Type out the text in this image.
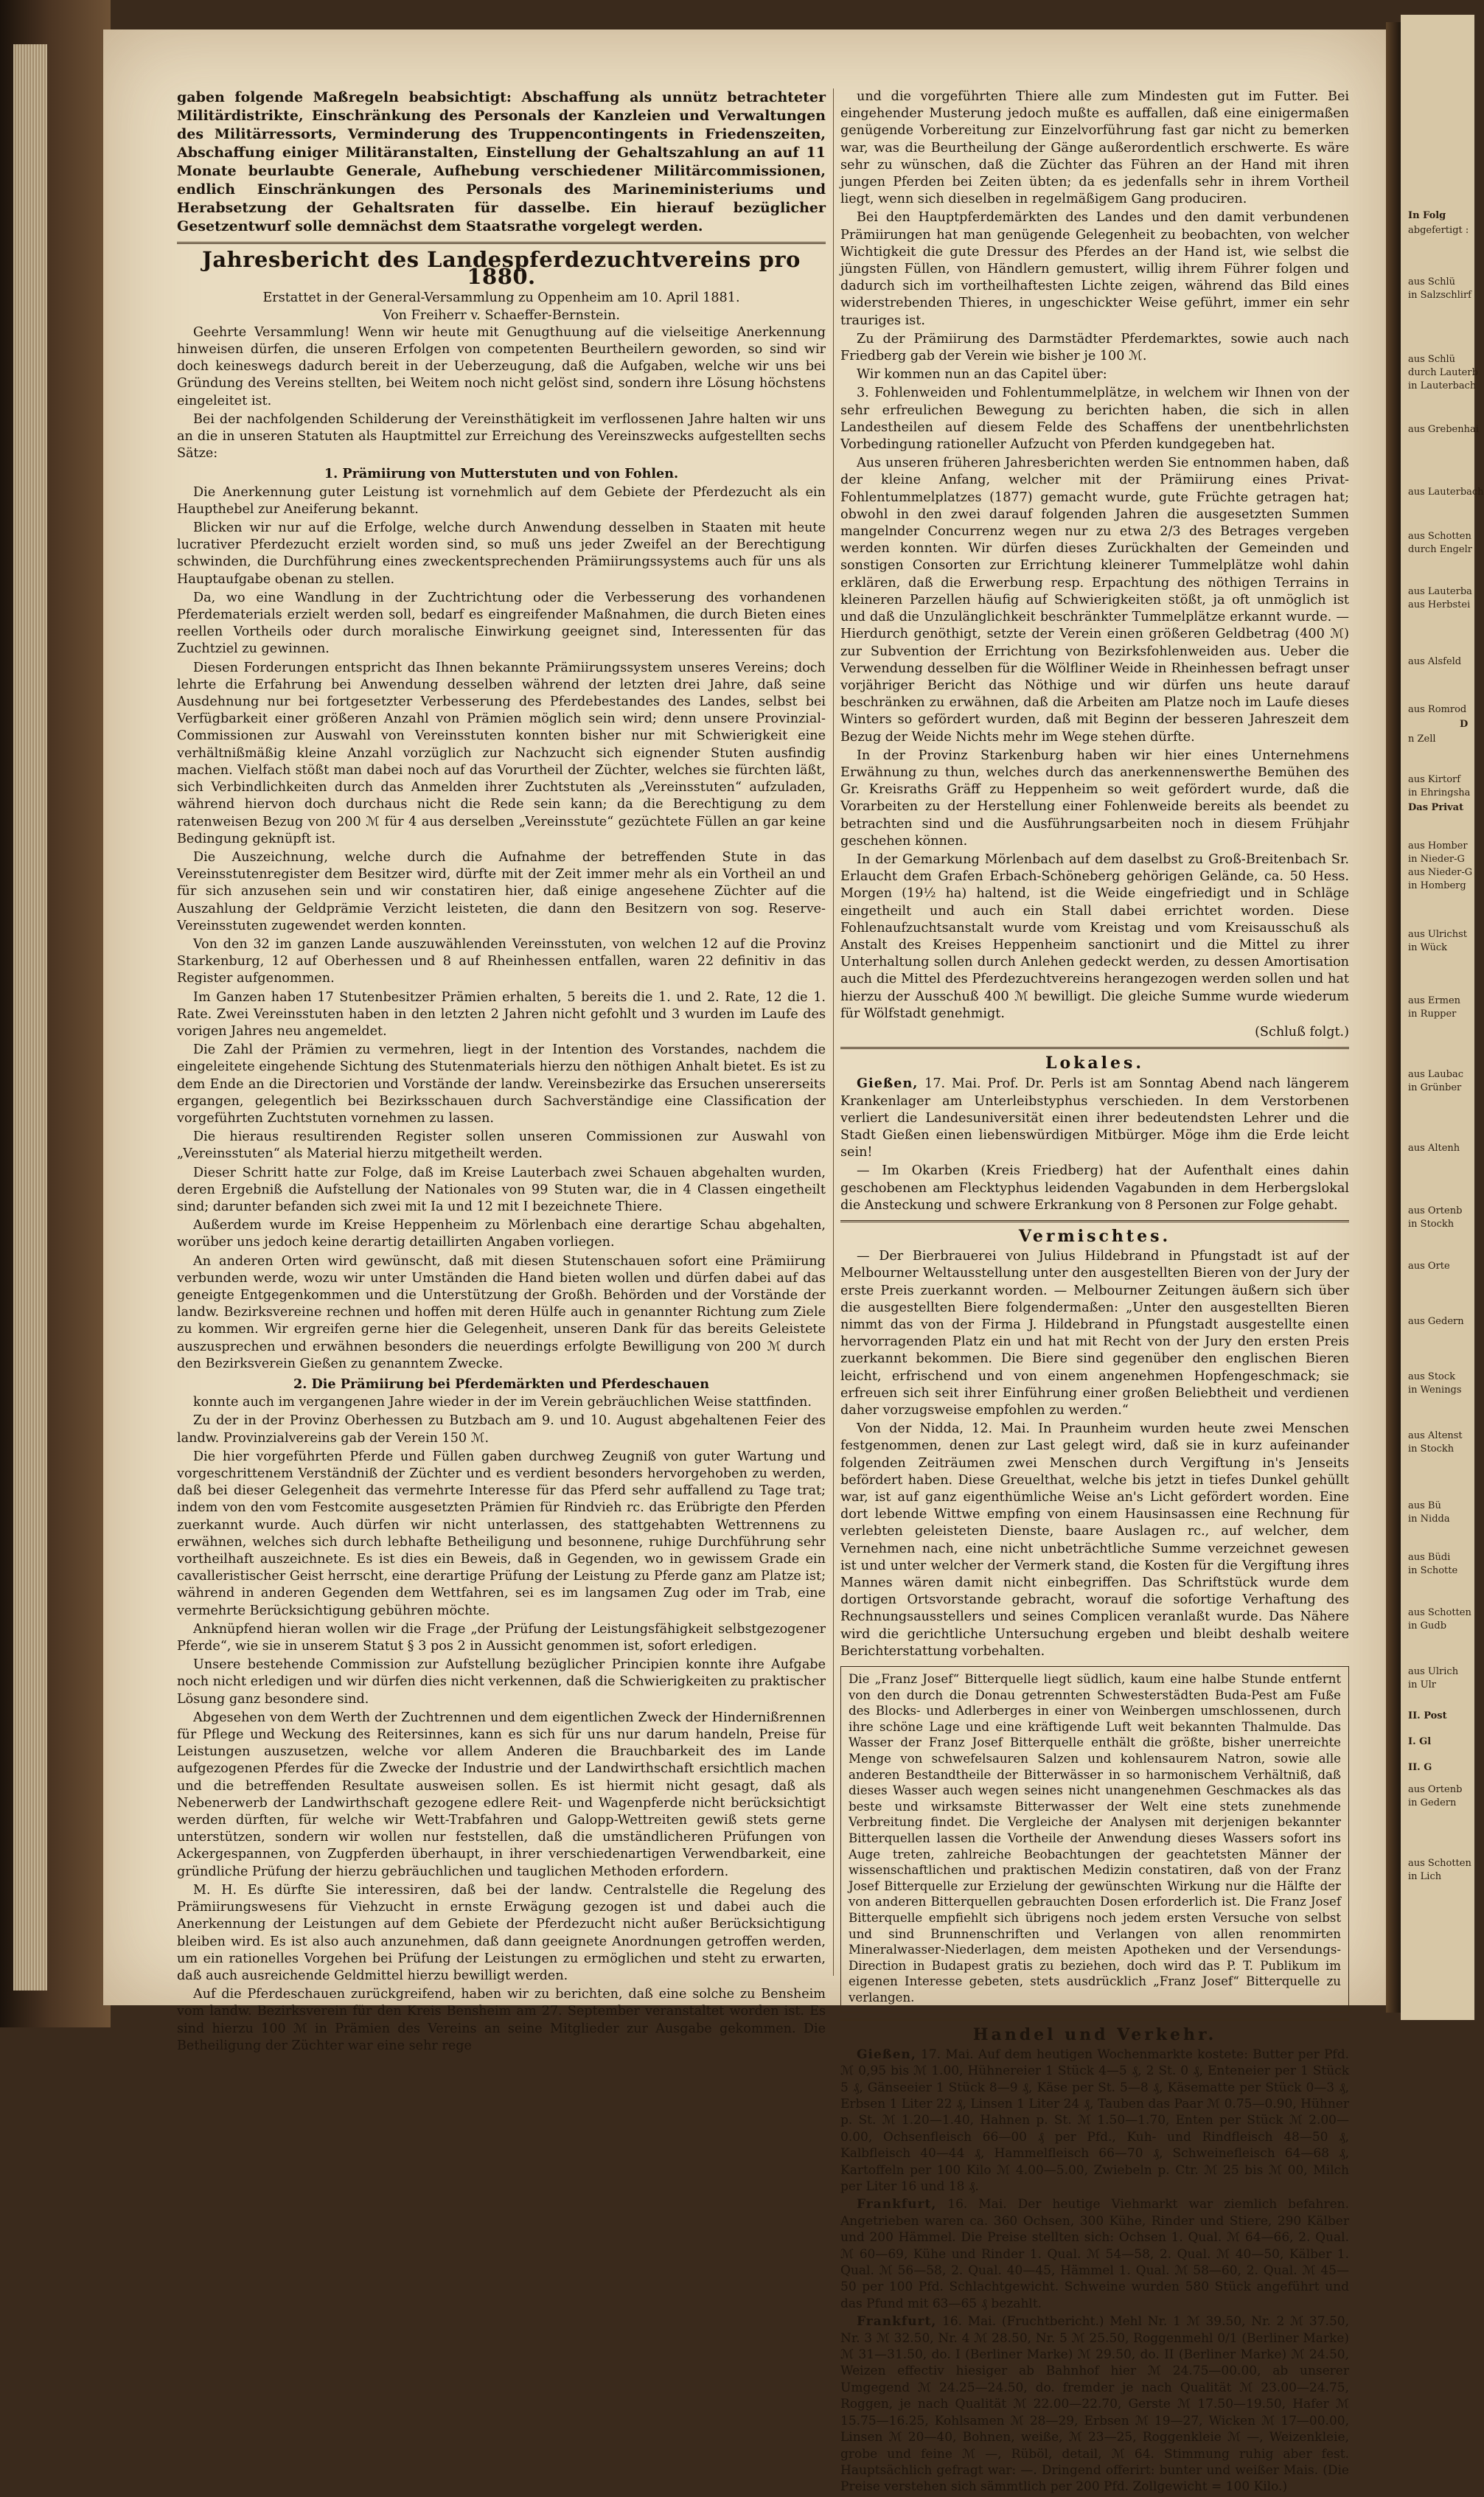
gaben folgende Maßregeln beabsichtigt: Abschaffung als unnütz betrachteter Militärdistrikte, Einschränkung des Personals der Kanzleien und Verwaltungen des Militärressorts, Verminderung des Truppencontingents in Friedenszeiten, Abschaffung einiger Militäranstalten, Einstellung der Gehaltszahlung an auf 11 Monate beurlaubte Generale, Aufhebung verschiedener Militärcommissionen, endlich Einschränkungen des Personals des Marineministeriums und Herabsetzung der Gehaltsraten für dasselbe. Ein hierauf bezüglicher Gesetzentwurf solle demnächst dem Staatsrathe vorgelegt werden.

Jahresbericht des Landespferdezuchtvereins pro 1880.

Erstattet in der General-Versammlung zu Oppenheim am 10. April 1881.

Von Freiherr v. Schaeffer-Bernstein.

Geehrte Versammlung! Wenn wir heute mit Genugthuung auf die vielseitige Anerkennung hinweisen dürfen, die unseren Erfolgen von competenten Beurtheilern geworden, so sind wir doch keineswegs dadurch bereit in der Ueberzeugung, daß die Aufgaben, welche wir uns bei Gründung des Vereins stellten, bei Weitem noch nicht gelöst sind, sondern ihre Lösung höchstens eingeleitet ist.

Bei der nachfolgenden Schilderung der Vereinsthätigkeit im verflossenen Jahre halten wir uns an die in unseren Statuten als Hauptmittel zur Erreichung des Vereinszwecks aufgestellten sechs Sätze:

1. Prämiirung von Mutterstuten und von Fohlen.

Die Anerkennung guter Leistung ist vornehmlich auf dem Gebiete der Pferdezucht als ein Haupthebel zur Aneiferung bekannt.

Blicken wir nur auf die Erfolge, welche durch Anwendung desselben in Staaten mit heute lucrativer Pferdezucht erzielt worden sind, so muß uns jeder Zweifel an der Berechtigung schwinden, die Durchführung eines zweckentsprechenden Prämiirungssystems auch für uns als Hauptaufgabe obenan zu stellen.

Da, wo eine Wandlung in der Zuchtrichtung oder die Verbesserung des vorhandenen Pferdematerials erzielt werden soll, bedarf es eingreifender Maßnahmen, die durch Bieten eines reellen Vortheils oder durch moralische Einwirkung geeignet sind, Interessenten für das Zuchtziel zu gewinnen.

Diesen Forderungen entspricht das Ihnen bekannte Prämiirungssystem unseres Vereins; doch lehrte die Erfahrung bei Anwendung desselben während der letzten drei Jahre, daß seine Ausdehnung nur bei fortgesetzter Verbesserung des Pferdebestandes des Landes, selbst bei Verfügbarkeit einer größeren Anzahl von Prämien möglich sein wird; denn unsere Provinzial-Commissionen zur Auswahl von Vereinsstuten konnten bisher nur mit Schwierigkeit eine verhältnißmäßig kleine Anzahl vorzüglich zur Nachzucht sich eignender Stuten ausfindig machen. Vielfach stößt man dabei noch auf das Vorurtheil der Züchter, welches sie fürchten läßt, sich Verbindlichkeiten durch das Anmelden ihrer Zuchtstuten als „Vereinsstuten“ aufzuladen, während hiervon doch durchaus nicht die Rede sein kann; da die Berechtigung zu dem ratenweisen Bezug von 200 ℳ für 4 aus derselben „Vereinsstute“ gezüchtete Füllen an gar keine Bedingung geknüpft ist.

Die Auszeichnung, welche durch die Aufnahme der betreffenden Stute in das Vereinsstutenregister dem Besitzer wird, dürfte mit der Zeit immer mehr als ein Vortheil an und für sich anzusehen sein und wir constatiren hier, daß einige angesehene Züchter auf die Auszahlung der Geldprämie Verzicht leisteten, die dann den Besitzern von sog. Reserve-Vereinsstuten zugewendet werden konnten.

Von den 32 im ganzen Lande auszuwählenden Vereinsstuten, von welchen 12 auf die Provinz Starkenburg, 12 auf Oberhessen und 8 auf Rheinhessen entfallen, waren 22 definitiv in das Register aufgenommen.

Im Ganzen haben 17 Stutenbesitzer Prämien erhalten, 5 bereits die 1. und 2. Rate, 12 die 1. Rate. Zwei Vereinsstuten haben in den letzten 2 Jahren nicht gefohlt und 3 wurden im Laufe des vorigen Jahres neu angemeldet.

Die Zahl der Prämien zu vermehren, liegt in der Intention des Vorstandes, nachdem die eingeleitete eingehende Sichtung des Stutenmaterials hierzu den nöthigen Anhalt bietet. Es ist zu dem Ende an die Directorien und Vorstände der landw. Vereinsbezirke das Ersuchen unsererseits ergangen, gelegentlich bei Bezirksschauen durch Sachverständige eine Classification der vorgeführten Zuchtstuten vornehmen zu lassen.

Die hieraus resultirenden Register sollen unseren Commissionen zur Auswahl von „Vereinsstuten“ als Material hierzu mitgetheilt werden.

Dieser Schritt hatte zur Folge, daß im Kreise Lauterbach zwei Schauen abgehalten wurden, deren Ergebniß die Aufstellung der Nationales von 99 Stuten war, die in 4 Classen eingetheilt sind; darunter befanden sich zwei mit Ia und 12 mit I bezeichnete Thiere.

Außerdem wurde im Kreise Heppenheim zu Mörlenbach eine derartige Schau abgehalten, worüber uns jedoch keine derartig detaillirten Angaben vorliegen.

An anderen Orten wird gewünscht, daß mit diesen Stutenschauen sofort eine Prämiirung verbunden werde, wozu wir unter Umständen die Hand bieten wollen und dürfen dabei auf das geneigte Entgegenkommen und die Unterstützung der Großh. Behörden und der Vorstände der landw. Bezirksvereine rechnen und hoffen mit deren Hülfe auch in genannter Richtung zum Ziele zu kommen. Wir ergreifen gerne hier die Gelegenheit, unseren Dank für das bereits Geleistete auszusprechen und erwähnen besonders die neuerdings erfolgte Bewilligung von 200 ℳ durch den Bezirksverein Gießen zu genanntem Zwecke.

2. Die Prämiirung bei Pferdemärkten und Pferdeschauen

konnte auch im vergangenen Jahre wieder in der im Verein gebräuchlichen Weise stattfinden.

Zu der in der Provinz Oberhessen zu Butzbach am 9. und 10. August abgehaltenen Feier des landw. Provinzialvereins gab der Verein 150 ℳ.

Die hier vorgeführten Pferde und Füllen gaben durchweg Zeugniß von guter Wartung und vorgeschrittenem Verständniß der Züchter und es verdient besonders hervorgehoben zu werden, daß bei dieser Gelegenheit das vermehrte Interesse für das Pferd sehr auffallend zu Tage trat; indem von den vom Festcomite ausgesetzten Prämien für Rindvieh rc. das Erübrigte den Pferden zuerkannt wurde. Auch dürfen wir nicht unterlassen, des stattgehabten Wettrennens zu erwähnen, welches sich durch lebhafte Betheiligung und besonnene, ruhige Durchführung sehr vortheilhaft auszeichnete. Es ist dies ein Beweis, daß in Gegenden, wo in gewissem Grade ein cavalleristischer Geist herrscht, eine derartige Prüfung der Leistung zu Pferde ganz am Platze ist; während in anderen Gegenden dem Wettfahren, sei es im langsamen Zug oder im Trab, eine vermehrte Berücksichtigung gebühren möchte.

Anknüpfend hieran wollen wir die Frage „der Prüfung der Leistungsfähigkeit selbstgezogener Pferde“, wie sie in unserem Statut § 3 pos 2 in Aussicht genommen ist, sofort erledigen.

Unsere bestehende Commission zur Aufstellung bezüglicher Principien konnte ihre Aufgabe noch nicht erledigen und wir dürfen dies nicht verkennen, daß die Schwierigkeiten zu praktischer Lösung ganz besondere sind.

Abgesehen von dem Werth der Zuchtrennen und dem eigentlichen Zweck der Hindernißrennen für Pflege und Weckung des Reitersinnes, kann es sich für uns nur darum handeln, Preise für Leistungen auszusetzen, welche vor allem Anderen die Brauchbarkeit des im Lande aufgezogenen Pferdes für die Zwecke der Industrie und der Landwirthschaft ersichtlich machen und die betreffenden Resultate ausweisen sollen. Es ist hiermit nicht gesagt, daß als Nebenerwerb der Landwirthschaft gezogene edlere Reit- und Wagenpferde nicht berücksichtigt werden dürften, für welche wir Wett-Trabfahren und Galopp-Wettreiten gewiß stets gerne unterstützen, sondern wir wollen nur feststellen, daß die umständlicheren Prüfungen von Ackergespannen, von Zugpferden überhaupt, in ihrer verschiedenartigen Verwendbarkeit, eine gründliche Prüfung der hierzu gebräuchlichen und tauglichen Methoden erfordern.

M. H. Es dürfte Sie interessiren, daß bei der landw. Centralstelle die Regelung des Prämiirungswesens für Viehzucht in ernste Erwägung gezogen ist und dabei auch die Anerkennung der Leistungen auf dem Gebiete der Pferdezucht nicht außer Berücksichtigung bleiben wird. Es ist also auch anzunehmen, daß dann geeignete Anordnungen getroffen werden, um ein rationelles Vorgehen bei Prüfung der Leistungen zu ermöglichen und steht zu erwarten, daß auch ausreichende Geldmittel hierzu bewilligt werden.

Auf die Pferdeschauen zurückgreifend, haben wir zu berichten, daß eine solche zu Bensheim vom landw. Bezirksverein für den Kreis Bensheim am 27. September veranstaltet worden ist. Es sind hierzu 100 ℳ in Prämien des Vereins an seine Mitglieder zur Ausgabe gekommen. Die Betheiligung der Züchter war eine sehr rege

und die vorgeführten Thiere alle zum Mindesten gut im Futter. Bei eingehender Musterung jedoch mußte es auffallen, daß eine einigermaßen genügende Vorbereitung zur Einzelvorführung fast gar nicht zu bemerken war, was die Beurtheilung der Gänge außerordentlich erschwerte. Es wäre sehr zu wünschen, daß die Züchter das Führen an der Hand mit ihren jungen Pferden bei Zeiten übten; da es jedenfalls sehr in ihrem Vortheil liegt, wenn sich dieselben in regelmäßigem Gang produciren.

Bei den Hauptpferdemärkten des Landes und den damit verbundenen Prämiirungen hat man genügende Gelegenheit zu beobachten, von welcher Wichtigkeit die gute Dressur des Pferdes an der Hand ist, wie selbst die jüngsten Füllen, von Händlern gemustert, willig ihrem Führer folgen und dadurch sich im vortheilhaftesten Lichte zeigen, während das Bild eines widerstrebenden Thieres, in ungeschickter Weise geführt, immer ein sehr trauriges ist.

Zu der Prämiirung des Darmstädter Pferdemarktes, sowie auch nach Friedberg gab der Verein wie bisher je 100 ℳ.

Wir kommen nun an das Capitel über:

3. Fohlenweiden und Fohlentummelplätze, in welchem wir Ihnen von der sehr erfreulichen Bewegung zu berichten haben, die sich in allen Landestheilen auf diesem Felde des Schaffens der unentbehrlichsten Vorbedingung rationeller Aufzucht von Pferden kundgegeben hat.

Aus unseren früheren Jahresberichten werden Sie entnommen haben, daß der kleine Anfang, welcher mit der Prämiirung eines Privat-Fohlentummelplatzes (1877) gemacht wurde, gute Früchte getragen hat; obwohl in den zwei darauf folgenden Jahren die ausgesetzten Summen mangelnder Concurrenz wegen nur zu etwa 2/3 des Betrages vergeben werden konnten. Wir dürfen dieses Zurückhalten der Gemeinden und sonstigen Consorten zur Errichtung kleinerer Tummelplätze wohl dahin erklären, daß die Erwerbung resp. Erpachtung des nöthigen Terrains in kleineren Parzellen häufig auf Schwierigkeiten stößt, ja oft unmöglich ist und daß die Unzulänglichkeit beschränkter Tummelplätze erkannt wurde. — Hierdurch genöthigt, setzte der Verein einen größeren Geldbetrag (400 ℳ) zur Subvention der Errichtung von Bezirksfohlenweiden aus. Ueber die Verwendung desselben für die Wölfliner Weide in Rheinhessen befragt unser vorjähriger Bericht das Nöthige und wir dürfen uns heute darauf beschränken zu erwähnen, daß die Arbeiten am Platze noch im Laufe dieses Winters so gefördert wurden, daß mit Beginn der besseren Jahreszeit dem Bezug der Weide Nichts mehr im Wege stehen dürfte.

In der Provinz Starkenburg haben wir hier eines Unternehmens Erwähnung zu thun, welches durch das anerkennenswerthe Bemühen des Gr. Kreisraths Gräff zu Heppenheim so weit gefördert wurde, daß die Vorarbeiten zu der Herstellung einer Fohlenweide bereits als beendet zu betrachten sind und die Ausführungsarbeiten noch in diesem Frühjahr geschehen können.

In der Gemarkung Mörlenbach auf dem daselbst zu Groß-Breitenbach Sr. Erlaucht dem Grafen Erbach-Schöneberg gehörigen Gelände, ca. 50 Hess. Morgen (19½ ha) haltend, ist die Weide eingefriedigt und in Schläge eingetheilt und auch ein Stall dabei errichtet worden. Diese Fohlenaufzuchtsanstalt wurde vom Kreistag und vom Kreisausschuß als Anstalt des Kreises Heppenheim sanctionirt und die Mittel zu ihrer Unterhaltung sollen durch Anlehen gedeckt werden, zu dessen Amortisation auch die Mittel des Pferdezuchtvereins herangezogen werden sollen und hat hierzu der Ausschuß 400 ℳ bewilligt. Die gleiche Summe wurde wiederum für Wölfstadt genehmigt.

(Schluß folgt.)

Lokales.

Gießen, 17. Mai. Prof. Dr. Perls ist am Sonntag Abend nach längerem Krankenlager am Unterleibstyphus verschieden. In dem Verstorbenen verliert die Landesuniversität einen ihrer bedeutendsten Lehrer und die Stadt Gießen einen liebenswürdigen Mitbürger. Möge ihm die Erde leicht sein!

— Im Okarben (Kreis Friedberg) hat der Aufenthalt eines dahin geschobenen am Flecktyphus leidenden Vagabunden in dem Herbergslokal die Ansteckung und schwere Erkrankung von 8 Personen zur Folge gehabt.

Vermischtes.

— Der Bierbrauerei von Julius Hildebrand in Pfungstadt ist auf der Melbourner Weltausstellung unter den ausgestellten Bieren von der Jury der erste Preis zuerkannt worden. — Melbourner Zeitungen äußern sich über die ausgestellten Biere folgendermaßen: „Unter den ausgestellten Bieren nimmt das von der Firma J. Hildebrand in Pfungstadt ausgestellte einen hervorragenden Platz ein und hat mit Recht von der Jury den ersten Preis zuerkannt bekommen. Die Biere sind gegenüber den englischen Bieren leicht, erfrischend und von einem angenehmen Hopfengeschmack; sie erfreuen sich seit ihrer Einführung einer großen Beliebtheit und verdienen daher vorzugsweise empfohlen zu werden.“

Von der Nidda, 12. Mai. In Praunheim wurden heute zwei Menschen festgenommen, denen zur Last gelegt wird, daß sie in kurz aufeinander folgenden Zeiträumen zwei Menschen durch Vergiftung in's Jenseits befördert haben. Diese Greuelthat, welche bis jetzt in tiefes Dunkel gehüllt war, ist auf ganz eigenthümliche Weise an's Licht gefördert worden. Eine dort lebende Wittwe empfing von einem Hausinsassen eine Rechnung für verlebten geleisteten Dienste, baare Auslagen rc., auf welcher, dem Vernehmen nach, eine nicht unbeträchtliche Summe verzeichnet gewesen ist und unter welcher der Vermerk stand, die Kosten für die Vergiftung ihres Mannes wären damit nicht einbegriffen. Das Schriftstück wurde dem dortigen Ortsvorstande gebracht, worauf die sofortige Verhaftung des Rechnungsausstellers und seines Complicen veranlaßt wurde. Das Nähere wird die gerichtliche Untersuchung ergeben und bleibt deshalb weitere Berichterstattung vorbehalten.

Die „Franz Josef“ Bitterquelle liegt südlich, kaum eine halbe Stunde entfernt von den durch die Donau getrennten Schwesterstädten Buda-Pest am Fuße des Blocks- und Adlerberges in einer von Weinbergen umschlossenen, durch ihre schöne Lage und eine kräftigende Luft weit bekannten Thalmulde. Das Wasser der Franz Josef Bitterquelle enthält die größte, bisher unerreichte Menge von schwefelsauren Salzen und kohlensaurem Natron, sowie alle anderen Bestandtheile der Bitterwässer in so harmonischem Verhältniß, daß dieses Wasser auch wegen seines nicht unangenehmen Geschmackes als das beste und wirksamste Bitterwasser der Welt eine stets zunehmende Verbreitung findet. Die Vergleiche der Analysen mit derjenigen bekannter Bitterquellen lassen die Vortheile der Anwendung dieses Wassers sofort ins Auge treten, zahlreiche Beobachtungen der geachtetsten Männer der wissenschaftlichen und praktischen Medizin constatiren, daß von der Franz Josef Bitterquelle zur Erzielung der gewünschten Wirkung nur die Hälfte der von anderen Bitterquellen gebrauchten Dosen erforderlich ist. Die Franz Josef Bitterquelle empfiehlt sich übrigens noch jedem ersten Versuche von selbst und sind Brunnenschriften und Verlangen von allen renommirten Mineralwasser-Niederlagen, dem meisten Apotheken und der Versendungs-Direction in Budapest gratis zu beziehen, doch wird das P. T. Publikum im eigenen Interesse gebeten, stets ausdrücklich „Franz Josef“ Bitterquelle zu verlangen.

Handel und Verkehr.

Gießen, 17. Mai. Auf dem heutigen Wochenmarkte kostete: Butter per Pfd. ℳ 0,95 bis ℳ 1.00, Hühnereier 1 Stück 4—5 ₰, 2 St. 0 ₰, Enteneier per 1 Stück 5 ₰, Gänseeier 1 Stück 8—9 ₰, Käse per St. 5—8 ₰, Käsematte per Stück 0—3 ₰, Erbsen 1 Liter 22 ₰, Linsen 1 Liter 24 ₰, Tauben das Paar ℳ 0.75—0.90, Hühner p. St. ℳ 1.20—1.40, Hahnen p. St. ℳ 1.50—1.70, Enten per Stück ℳ 2.00—0.00, Ochsenfleisch 66—00 ₰ per Pfd., Kuh- und Rindfleisch 48—50 ₰, Kalbfleisch 40—44 ₰, Hammelfleisch 66—70 ₰, Schweinefleisch 64—68 ₰, Kartoffeln per 100 Kilo ℳ 4.00—5.00, Zwiebeln p. Ctr. ℳ 25 bis ℳ 00, Milch per Liter 16 und 18 ₰.

Frankfurt, 16. Mai. Der heutige Viehmarkt war ziemlich befahren. Angetrieben waren ca. 360 Ochsen, 300 Kühe, Rinder und Stiere, 290 Kälber und 200 Hämmel. Die Preise stellten sich: Ochsen 1. Qual. ℳ 64—66, 2. Qual. ℳ 60—69, Kühe und Rinder 1. Qual. ℳ 54—58, 2. Qual. ℳ 40—50, Kälber 1. Qual. ℳ 56—58, 2. Qual. 40—45, Hämmel 1. Qual. ℳ 58—60, 2. Qual. ℳ 45—50 per 100 Pfd. Schlachtgewicht. Schweine wurden 580 Stück angeführt und das Pfund mit 63—65 ₰ bezahlt.

Frankfurt, 16. Mai. (Fruchtbericht.) Mehl Nr. 1 ℳ 39.50, Nr. 2 ℳ 37.50, Nr. 3 ℳ 32.50, Nr. 4 ℳ 28.50, Nr. 5 ℳ 25.50, Roggenmehl 0/1 (Berliner Marke) ℳ 31—31.50, do. I (Berliner Marke) ℳ 29.50, do. II (Berliner Marke) ℳ 24.50, Weizen effectiv hiesiger ab Bahnhof hier ℳ 24.75—00.00, ab unserer Umgegend ℳ 24.25—24.50, do. fremder je nach Qualität ℳ 23.00—24.75, Roggen, je nach Qualität ℳ 22.00—22.70, Gerste ℳ 17.50—19.50, Hafer ℳ 15.75—16.25, Kohlsamen ℳ 28—29, Erbsen ℳ 19—27, Wicken ℳ 17—00.00, Linsen ℳ 20—40, Bohnen, weiße, ℳ 23—25, Roggenkleie ℳ —, Weizenkleie, grobe und feine ℳ —, Rüböl, detail, ℳ 64. Stimmung ruhig aber fest. Hauptsächlich gefragt war: —. Dringend offerirt: bunter und weißer Mais. (Die Preise verstehen sich sämmtlich per 200 Pfd. Zollgewicht = 100 Kilo.)

In Folg
abgefertigt :
aus Schlü
in Salzschlirf
aus Schlü
durch Lauterb
in Lauterbach
aus Grebenhai
aus Lauterbach
aus Schotten
durch Engelr
aus Lauterba
aus Herbstei
aus Alsfeld
aus Romrod
n Zell
D
aus Kirtorf
in Ehringsha
Das Privat
aus Homber
in Nieder-G
aus Nieder-G
in Homberg
aus Ulrichst
in Wück
aus Ermen
in Rupper
aus Laubac
in Grünber
aus Altenh
aus Ortenb
in Stockh
aus Orte
aus Gedern
aus Stock
in Wenings
aus Altenst
in Stockh
aus Bü
in Nidda
aus Büdi
in Schotte
aus Schotten
in Gudb
aus Ulrich
in Ulr
II. Post
I. Gl
II. G
aus Ortenb
in Gedern
aus Schotten
in Lich
